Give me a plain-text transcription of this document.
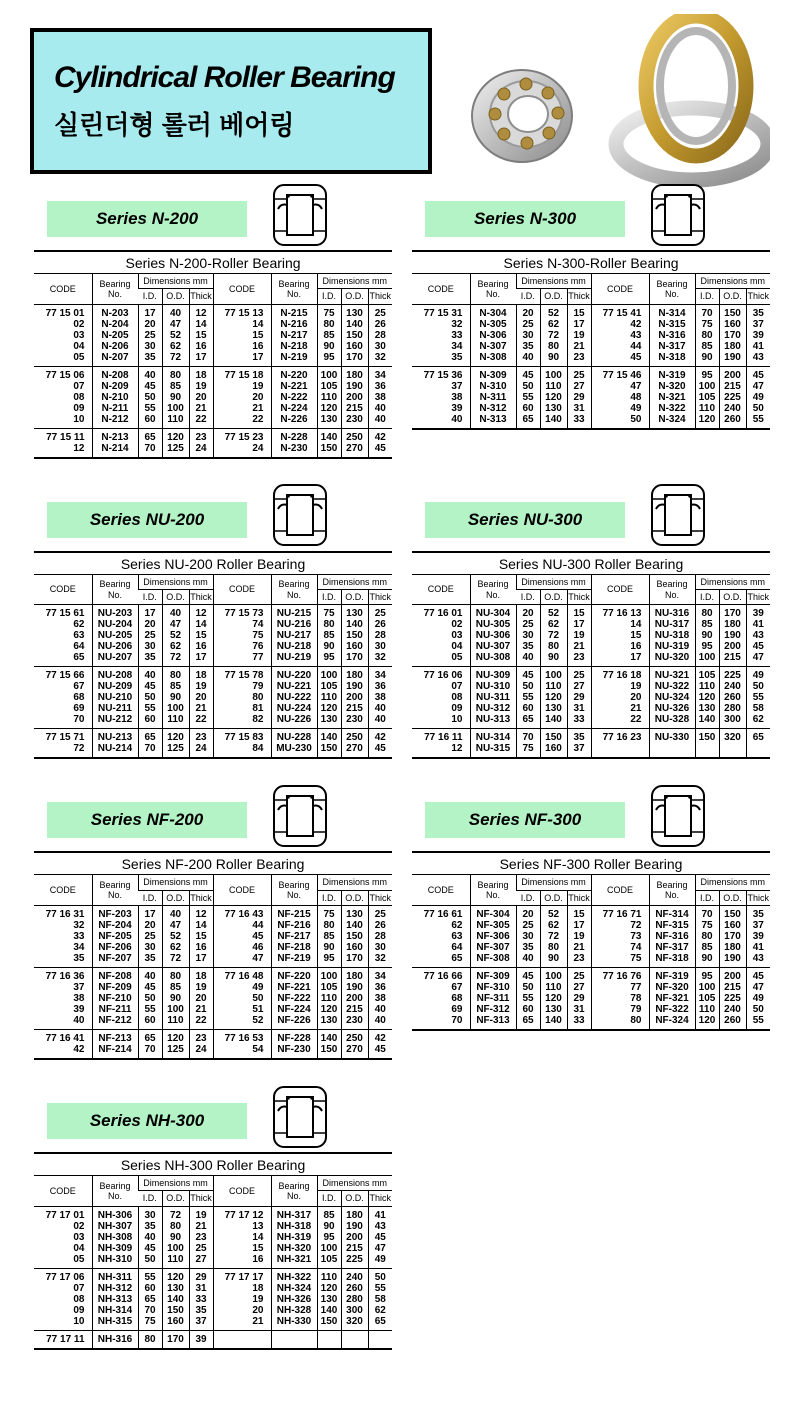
Cylindrical Roller Bearing
실린더형 롤러 베어링
Series N-200
Series N-200-Roller Bearing									
CODE	Bearing No.	Dimensions mm			CODE	Bearing No.	Dimensions mm		
		I.D.	O.D.	Thick			I.D.	O.D.	Thick
77 15 01	N-203	17	40	12	77 15 13	N-215	75	130	25
02	N-204	20	47	14	14	N-216	80	140	26
03	N-205	25	52	15	15	N-217	85	150	28
04	N-206	30	62	16	16	N-218	90	160	30
05	N-207	35	72	17	17	N-219	95	170	32
77 15 06	N-208	40	80	18	77 15 18	N-220	100	180	34
07	N-209	45	85	19	19	N-221	105	190	36
08	N-210	50	90	20	20	N-222	110	200	38
09	N-211	55	100	21	21	N-224	120	215	40
10	N-212	60	110	22	22	N-226	130	230	40
77 15 11	N-213	65	120	23	77 15 23	N-228	140	250	42
12	N-214	70	125	24	24	N-230	150	270	45
Series N-300
Series N-300-Roller Bearing									
CODE	Bearing No.	Dimensions mm			CODE	Bearing No.	Dimensions mm		
		I.D.	O.D.	Thick			I.D.	O.D.	Thick
77 15 31	N-304	20	52	15	77 15 41	N-314	70	150	35
32	N-305	25	62	17	42	N-315	75	160	37
33	N-306	30	72	19	43	N-316	80	170	39
34	N-307	35	80	21	44	N-317	85	180	41
35	N-308	40	90	23	45	N-318	90	190	43
77 15 36	N-309	45	100	25	77 15 46	N-319	95	200	45
37	N-310	50	110	27	47	N-320	100	215	47
38	N-311	55	120	29	48	N-321	105	225	49
39	N-312	60	130	31	49	N-322	110	240	50
40	N-313	65	140	33	50	N-324	120	260	55
Series NU-200
Series NU-200 Roller Bearing									
CODE	Bearing No.	Dimensions mm			CODE	Bearing No.	Dimensions mm		
		I.D.	O.D.	Thick			I.D.	O.D.	Thick
77 15 61	NU-203	17	40	12	77 15 73	NU-215	75	130	25
62	NU-204	20	47	14	74	NU-216	80	140	26
63	NU-205	25	52	15	75	NU-217	85	150	28
64	NU-206	30	62	16	76	NU-218	90	160	30
65	NU-207	35	72	17	77	NU-219	95	170	32
77 15 66	NU-208	40	80	18	77 15 78	NU-220	100	180	34
67	NU-209	45	85	19	79	NU-221	105	190	36
68	NU-210	50	90	20	80	NU-222	110	200	38
69	NU-211	55	100	21	81	NU-224	120	215	40
70	NU-212	60	110	22	82	NU-226	130	230	40
77 15 71	NU-213	65	120	23	77 15 83	NU-228	140	250	42
72	NU-214	70	125	24	84	MU-230	150	270	45
Series NU-300
Series NU-300 Roller Bearing									
CODE	Bearing No.	Dimensions mm			CODE	Bearing No.	Dimensions mm		
		I.D.	O.D.	Thick			I.D.	O.D.	Thick
77 16 01	NU-304	20	52	15	77 16 13	NU-316	80	170	39
02	NU-305	25	62	17	14	NU-317	85	180	41
03	NU-306	30	72	19	15	NU-318	90	190	43
04	NU-307	35	80	21	16	NU-319	95	200	45
05	NU-308	40	90	23	17	NU-320	100	215	47
77 16 06	NU-309	45	100	25	77 16 18	NU-321	105	225	49
07	NU-310	50	110	27	19	NU-322	110	240	50
08	NU-311	55	120	29	20	NU-324	120	260	55
09	NU-312	60	130	31	21	NU-326	130	280	58
10	NU-313	65	140	33	22	NU-328	140	300	62
77 16 11	NU-314	70	150	35	77 16 23	NU-330	150	320	65
12	NU-315	75	160	37					
Series NF-200
Series NF-200 Roller Bearing									
CODE	Bearing No.	Dimensions mm			CODE	Bearing No.	Dimensions mm		
		I.D.	O.D.	Thick			I.D.	O.D.	Thick
77 16 31	NF-203	17	40	12	77 16 43	NF-215	75	130	25
32	NF-204	20	47	14	44	NF-216	80	140	26
33	NF-205	25	52	15	45	NF-217	85	150	28
34	NF-206	30	62	16	46	NF-218	90	160	30
35	NF-207	35	72	17	47	NF-219	95	170	32
77 16 36	NF-208	40	80	18	77 16 48	NF-220	100	180	34
37	NF-209	45	85	19	49	NF-221	105	190	36
38	NF-210	50	90	20	50	NF-222	110	200	38
39	NF-211	55	100	21	51	NF-224	120	215	40
40	NF-212	60	110	22	52	NF-226	130	230	40
77 16 41	NF-213	65	120	23	77 16 53	NF-228	140	250	42
42	NF-214	70	125	24	54	NF-230	150	270	45
Series NF-300
Series NF-300 Roller Bearing									
CODE	Bearing No.	Dimensions mm			CODE	Bearing No.	Dimensions mm		
		I.D.	O.D.	Thick			I.D.	O.D.	Thick
77 16 61	NF-304	20	52	15	77 16 71	NF-314	70	150	35
62	NF-305	25	62	17	72	NF-315	75	160	37
63	NF-306	30	72	19	73	NF-316	80	170	39
64	NF-307	35	80	21	74	NF-317	85	180	41
65	NF-308	40	90	23	75	NF-318	90	190	43
77 16 66	NF-309	45	100	25	77 16 76	NF-319	95	200	45
67	NF-310	50	110	27	77	NF-320	100	215	47
68	NF-311	55	120	29	78	NF-321	105	225	49
69	NF-312	60	130	31	79	NF-322	110	240	50
70	NF-313	65	140	33	80	NF-324	120	260	55
Series NH-300
Series NH-300 Roller Bearing									
CODE	Bearing No.	Dimensions mm			CODE	Bearing No.	Dimensions mm		
		I.D.	O.D.	Thick			I.D.	O.D.	Thick
77 17 01	NH-306	30	72	19	77 17 12	NH-317	85	180	41
02	NH-307	35	80	21	13	NH-318	90	190	43
03	NH-308	40	90	23	14	NH-319	95	200	45
04	NH-309	45	100	25	15	NH-320	100	215	47
05	NH-310	50	110	27	16	NH-321	105	225	49
77 17 06	NH-311	55	120	29	77 17 17	NH-322	110	240	50
07	NH-312	60	130	31	18	NH-324	120	260	55
08	NH-313	65	140	33	19	NH-326	130	280	58
09	NH-314	70	150	35	20	NH-328	140	300	62
10	NH-315	75	160	37	21	NH-330	150	320	65
77 17 11	NH-316	80	170	39					
